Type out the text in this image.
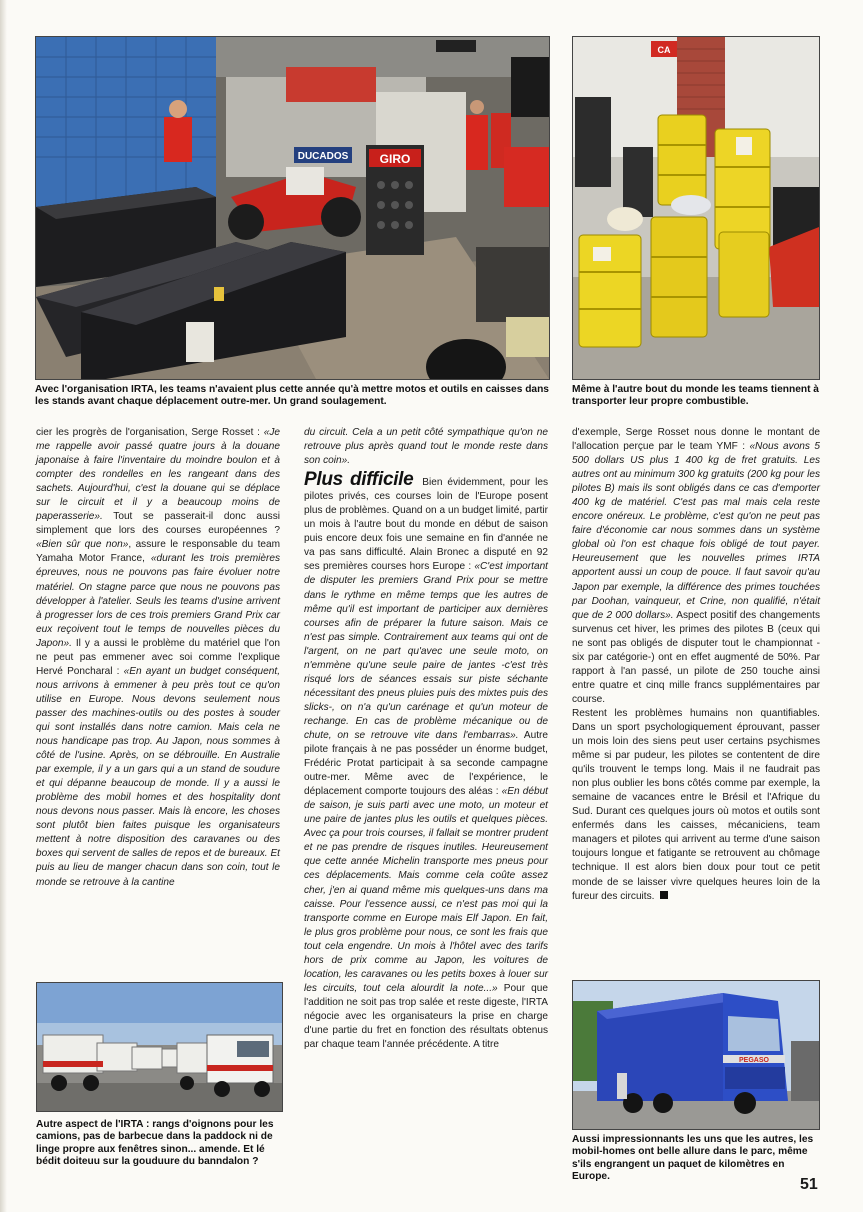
DUCADOS	GIRO
CA

Avec l'organisation IRTA, les teams n'avaient plus cette année qu'à mettre motos et outils en caisses dans les stands avant chaque déplacement outre-mer. Un grand soulagement.

Même à l'autre bout du monde les teams tiennent à transporter leur propre combustible.

cier les progrès de l'organisation, Serge Rosset : «Je me rappelle avoir passé quatre jours à la douane japonaise à faire l'inventaire du moindre boulon et à compter des rondelles en les rangeant dans des sachets. Aujourd'hui, c'est la douane qui se déplace sur le circuit et il y a beaucoup moins de paperasserie». Tout se passerait-il donc aussi simplement que lors des courses européennes ? «Bien sûr que non», assure le responsable du team Yamaha Motor France, «durant les trois premières épreuves, nous ne pouvons pas faire évoluer notre matériel. On stagne parce que nous ne pouvons pas développer à l'atelier. Seuls les teams d'usine arrivent à progresser lors de ces trois premiers Grand Prix car eux reçoivent tout le temps de nouvelles pièces du Japon». Il y a aussi le problème du matériel que l'on ne peut pas emmener avec soi comme l'explique Hervé Poncharal : «En ayant un budget conséquent, nous arrivons à emmener à peu près tout ce qu'on utilise en Europe. Nous devons seulement nous passer des machines-outils ou des postes à souder qui sont installés dans notre camion. Mais cela ne nous handicape pas trop. Au Japon, nous sommes à côté de l'usine. Après, on se débrouille. En Australie par exemple, il y a un gars qui a un stand de soudure et qui dépanne beaucoup de monde. Il y a aussi le problème des mobil homes et des hospitality dont nous devons nous passer. Mais là encore, les choses sont plutôt bien faites puisque les organisateurs mettent à notre disposition des caravanes ou des boxes qui servent de salles de repos et de bureaux. Et puis au lieu de manger chacun dans son coin, tout le monde se retrouve à la cantine

Autre aspect de l'IRTA : rangs d'oignons pour les camions, pas de barbecue dans la paddock ni de linge propre aux fenêtres sinon... amende. Et lé bédit doiteuu sur la gouduure du banndalon ?

du circuit. Cela a un petit côté sympathique qu'on ne retrouve plus après quand tout le monde reste dans son coin».

Plus difficile Bien évidemment, pour les pilotes privés, ces courses loin de l'Europe posent plus de problèmes. Quand on a un budget limité, partir un mois à l'autre bout du monde en début de saison puis encore deux fois une semaine en fin d'année ne va pas sans difficulté. Alain Bronec a disputé en 92 ses premières courses hors Europe : «C'est important de disputer les premiers Grand Prix pour se mettre dans le rythme en même temps que les autres de même qu'il est important de participer aux dernières courses afin de préparer la future saison. Mais ce n'est pas simple. Contrairement aux teams qui ont de l'argent, on ne part qu'avec une seule moto, on n'emmène qu'une seule paire de jantes -c'est très risqué lors de séances essais sur piste séchante nécessitant des pneus pluies puis des mixtes puis des slicks-, on n'a qu'un carénage et qu'un moteur de rechange. En cas de problème mécanique ou de chute, on se retrouve vite dans l'embarras». Autre pilote français à ne pas posséder un énorme budget, Frédéric Protat participait à sa seconde campagne outre-mer. Même avec de l'expérience, le déplacement comporte toujours des aléas : «En début de saison, je suis parti avec une moto, un moteur et une paire de jantes plus les outils et quelques pièces. Avec ça pour trois courses, il fallait se montrer prudent et ne pas prendre de risques inutiles. Heureusement que cette année Michelin transporte mes pneus pour ces déplacements. Mais comme cela coûte assez cher, j'en ai quand même mis quelques-uns dans ma caisse. Pour l'essence aussi, ce n'est pas moi qui la transporte comme en Europe mais Elf Japon. En fait, le plus gros problème pour nous, ce sont les frais que tout cela engendre. Un mois à l'hôtel avec des tarifs hors de prix comme au Japon, les voitures de location, les caravanes ou les petits boxes à louer sur les circuits, tout cela alourdit la note...» Pour que l'addition ne soit pas trop salée et reste digeste, l'IRTA négocie avec les organisateurs la prise en charge d'une partie du fret en fonction des résultats obtenus par chaque team l'année précédente. A titre

d'exemple, Serge Rosset nous donne le montant de l'allocation perçue par le team YMF : «Nous avons 5 500 dollars US plus 1 400 kg de fret gratuits. Les autres ont au minimum 300 kg gratuits (200 kg pour les pilotes B) mais ils sont obligés dans ce cas d'emporter 400 kg de matériel. C'est pas mal mais cela reste encore onéreux. Le problème, c'est qu'on ne peut pas faire d'économie car nous sommes dans un système global où l'on est chaque fois obligé de tout payer. Heureusement que les nouvelles primes IRTA apportent aussi un coup de pouce. Il faut savoir qu'au Japon par exemple, la différence des primes touchées par Doohan, vainqueur, et Crine, non qualifié, n'était que de 2 000 dollars». Aspect positif des changements survenus cet hiver, les primes des pilotes B (ceux qui ne sont pas obligés de disputer tout le championnat -six par catégorie-) ont en effet augmenté de 50%. Par rapport à l'an passé, un pilote de 250 touche ainsi entre quatre et cinq mille francs supplémentaires par course.

Restent les problèmes humains non quantifiables. Dans un sport psychologiquement éprouvant, passer un mois loin des siens peut user certains psychismes même si par pudeur, les pilotes se contentent de dire qu'ils trouvent le temps long. Mais il ne faudrait pas non plus oublier les bons côtés comme par exemple, la semaine de vacances entre le Brésil et l'Afrique du Sud. Durant ces quelques jours où motos et outils sont enfermés dans les caisses, mécaniciens, team managers et pilotes qui arrivent au terme d'une saison toujours longue et fatigante se retrouvent au chômage technique. Il est alors bien doux pour tout ce petit monde de se laisser vivre quelques heures loin de la fureur des circuits.

PEGASO

Aussi impressionnants les uns que les autres, les mobil-homes ont belle allure dans le parc, même s'ils engrangent un paquet de kilomètres en Europe.	51
